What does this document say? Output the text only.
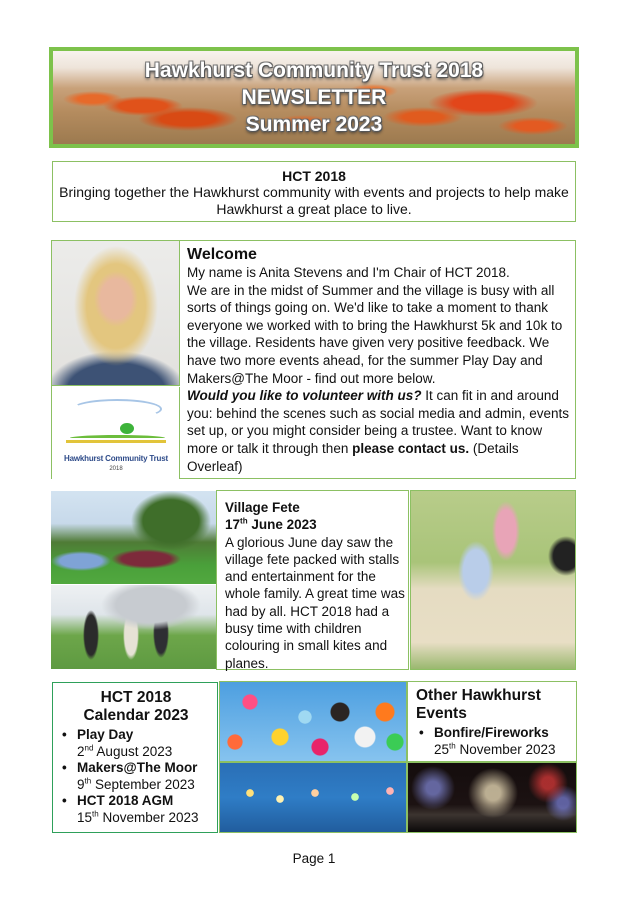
Hawkhurst Community Trust 2018
NEWSLETTER
Summer 2023
HCT 2018
Bringing together the Hawkhurst community with events and projects to help make Hawkhurst a great place to live.
Hawkhurst Community Trust
2018
Welcome
My name is Anita Stevens and I'm Chair of HCT 2018.
We are in the midst of Summer and the village is busy with all sorts of things going on. We'd like to take a moment to thank everyone we worked with to bring the Hawkhurst 5k and 10k to the village. Residents have given very positive feedback. We have two more events ahead, for the summer Play Day and Makers@The Moor - find out more below.
Would you like to volunteer with us? It can fit in and around you: behind the scenes such as social media and admin, events set up, or you might consider being a trustee. Want to know more or talk it through then please contact us. (Details Overleaf)
Village Fete
17th June 2023
A glorious June day saw the village fete packed with stalls and entertainment for the whole family. A great time was had by all. HCT 2018 had a busy time with children colouring in small kites and planes.
HCT 2018
Calendar 2023
• Play Day
2nd August 2023
• Makers@The Moor
9th September 2023
• HCT 2018 AGM
15th November 2023
Other Hawkhurst Events
• Bonfire/Fireworks
25th November 2023
Page 1
